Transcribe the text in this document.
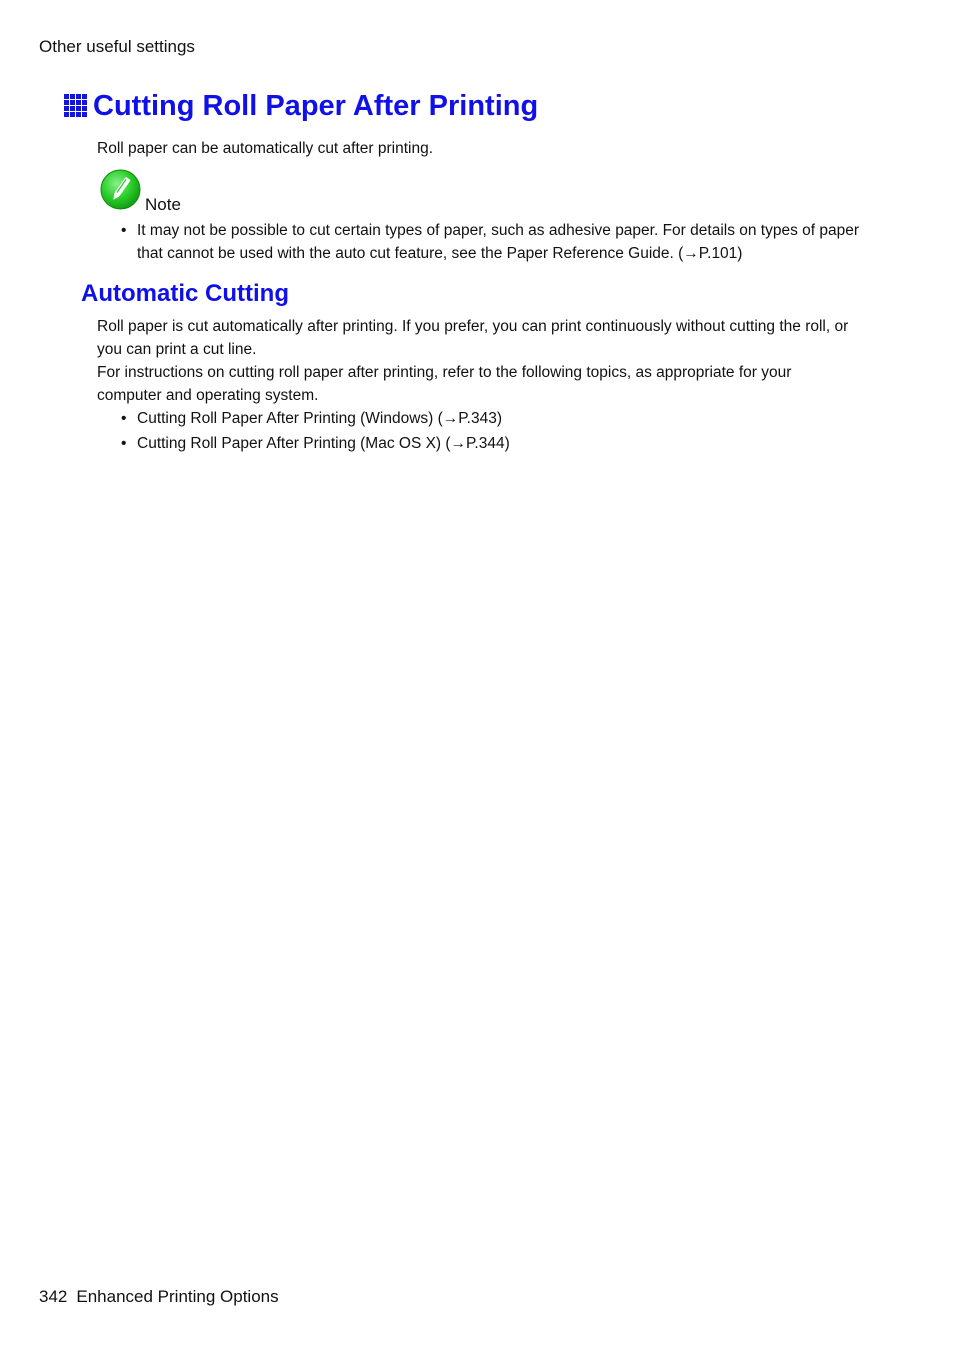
Other useful settings
Cutting Roll Paper After Printing
Roll paper can be automatically cut after printing.
Note
• It may not be possible to cut certain types of paper, such as adhesive paper. For details on types of paper that cannot be used with the auto cut feature, see the Paper Reference Guide. (→P.101)
Automatic Cutting
Roll paper is cut automatically after printing. If you prefer, you can print continuously without cutting the roll, or you can print a cut line.
For instructions on cutting roll paper after printing, refer to the following topics, as appropriate for your computer and operating system.
• Cutting Roll Paper After Printing (Windows) (→P.343)
• Cutting Roll Paper After Printing (Mac OS X) (→P.344)
342 Enhanced Printing Options
